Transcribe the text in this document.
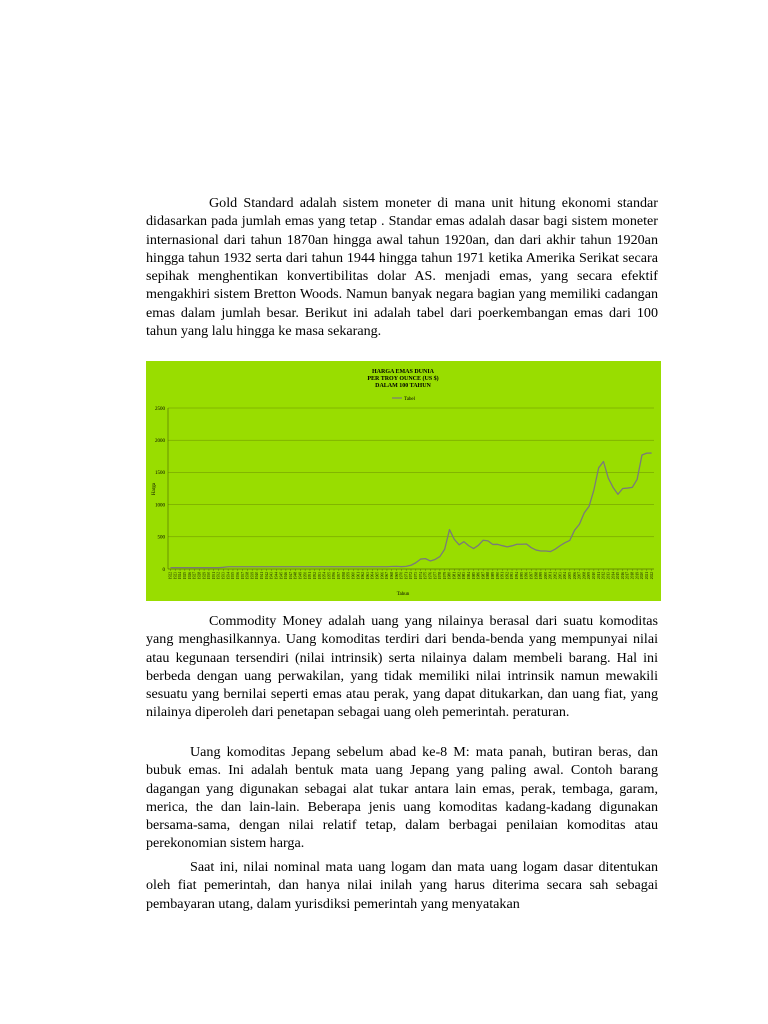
Gold Standard adalah sistem moneter di mana unit hitung ekonomi standar didasarkan pada jumlah emas yang tetap . Standar emas adalah dasar bagi sistem moneter internasional dari tahun 1870an hingga awal tahun 1920an, dan dari akhir tahun 1920an hingga tahun 1932 serta dari tahun 1944 hingga tahun 1971 ketika Amerika Serikat secara sepihak menghentikan konvertibilitas dolar AS. menjadi emas, yang secara efektif mengakhiri sistem Bretton Woods. Namun banyak negara bagian yang memiliki cadangan emas dalam jumlah besar. Berikut ini adalah tabel dari poerkembangan emas dari 100 tahun yang lalu hingga ke masa sekarang.

HARGA EMAS DUNIA
PER TROY OUNCE (US $)
DALAM 100 TAHUN
Tabel
0
500
1000
1500
2000
2500
1922 1923 1924 1925 1926 1927 1928 1929 1930 1931 1932 1933 1934 1935 1936 1937 1938 1939 1940 1941 1942 1943 1944 1945 1946 1947 1948 1949 1950 1951 1952 1953 1954 1955 1956 1957 1958 1959 1960 1961 1962 1963 1964 1965 1966 1967 1968 1969 1970 1971 1972 1973 1974 1975 1976 1977 1978 1979 1980 1981 1982 1983 1984 1985 1986 1987 1988 1989 1990 1991 1992 1993 1994 1995 1996 1997 1998 1999 2000 2001 2002 2003 2004 2005 2006 2007 2008 2009 2010 2011 2012 2013 2014 2015 2016 2017 2018 2019 2020 2021 2022
Harga
Tahun

Commodity Money adalah uang yang nilainya berasal dari suatu komoditas yang menghasilkannya. Uang komoditas terdiri dari benda-benda yang mempunyai nilai atau kegunaan tersendiri (nilai intrinsik) serta nilainya dalam membeli barang. Hal ini berbeda dengan uang perwakilan, yang tidak memiliki nilai intrinsik namun mewakili sesuatu yang bernilai seperti emas atau perak, yang dapat ditukarkan, dan uang fiat, yang nilainya diperoleh dari penetapan sebagai uang oleh pemerintah. peraturan.

Uang komoditas Jepang sebelum abad ke-8 M: mata panah, butiran beras, dan bubuk emas. Ini adalah bentuk mata uang Jepang yang paling awal. Contoh barang dagangan yang digunakan sebagai alat tukar antara lain emas, perak, tembaga, garam, merica, the dan lain-lain. Beberapa jenis uang komoditas kadang-kadang digunakan bersama-sama, dengan nilai relatif tetap, dalam berbagai penilaian komoditas atau perekonomian sistem harga.

Saat ini, nilai nominal mata uang logam dan mata uang logam dasar ditentukan oleh fiat pemerintah, dan hanya nilai inilah yang harus diterima secara sah sebagai pembayaran utang, dalam yurisdiksi pemerintah yang menyatakan
